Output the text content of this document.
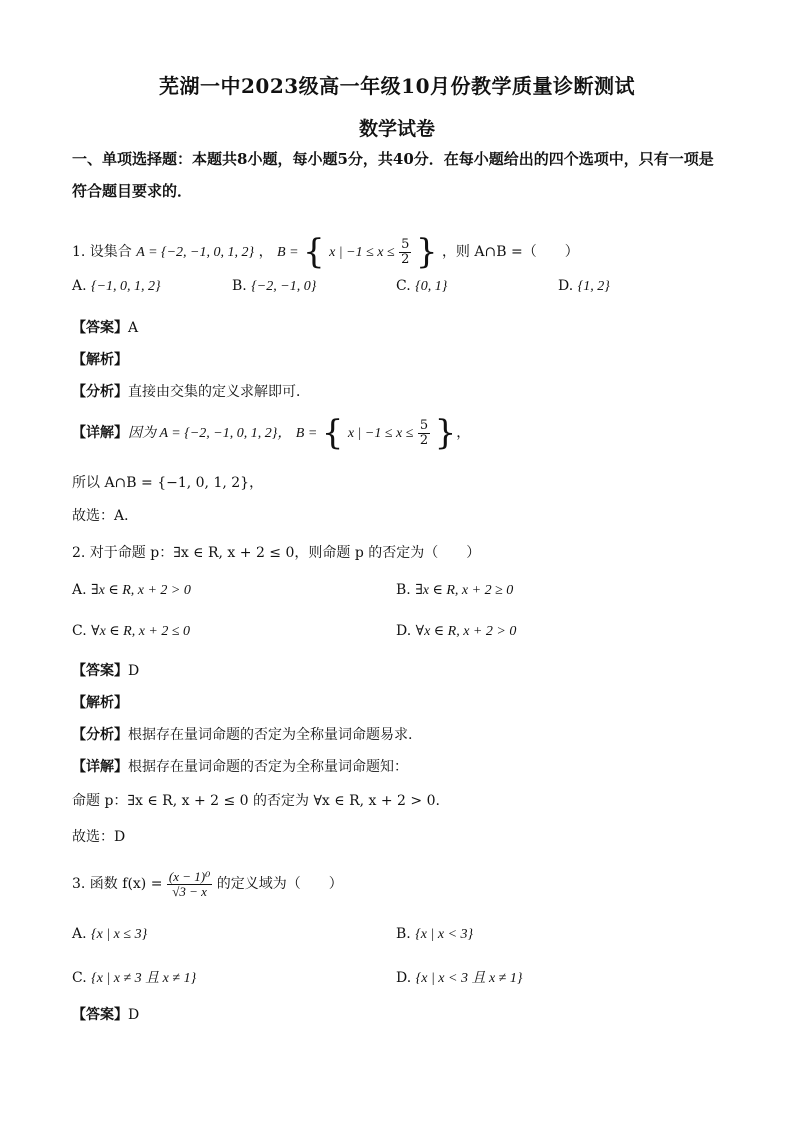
芜湖一中2023级高一年级10月份教学质量诊断测试
数学试卷
一、单项选择题：本题共8小题，每小题5分，共40分．在每小题给出的四个选项中，只有一项是符合题目要求的．
1. 设集合 A = {−2, −1, 0, 1, 2} ， B = { x | $-1 \le x \le \frac{5}{2}$ } ，则 A∩B =（　　）
A. {−1, 0, 1, 2}	B. {−2, −1, 0}	C. {0, 1}	D. {1, 2}
【答案】A
【解析】
【分析】直接由交集的定义求解即可．
【详解】因为 A = {−2, −1, 0, 1, 2}， B = { x | $-1 \le x \le \frac{5}{2}$ }，
所以 A∩B = {−1, 0, 1, 2}，
故选：A．
2. 对于命题 p：∃x ∈ R, x + 2 ≤ 0，则命题 p 的否定为（　　）
A. ∃x ∈ R, x + 2 > 0	B. ∃x ∈ R, x + 2 ≥ 0
C. ∀x ∈ R, x + 2 ≤ 0	D. ∀x ∈ R, x + 2 > 0
【答案】D
【解析】
【分析】根据存在量词命题的否定为全称量词命题易求.
【详解】根据存在量词命题的否定为全称量词命题知：
命题 p：∃x ∈ R, x + 2 ≤ 0 的否定为 ∀x ∈ R, x + 2 > 0.
故选：D
3. 函数 $f(x) = \frac{\text{(x − 1)⁰}}{√3 - x}$ 的定义域为（　　）
A. {x | x ≤ 3}	B. {x | x < 3}
C. {x | x ≠ 3 且 x ≠ 1}	D. {x | x < 3 且 x ≠ 1}
【答案】D
